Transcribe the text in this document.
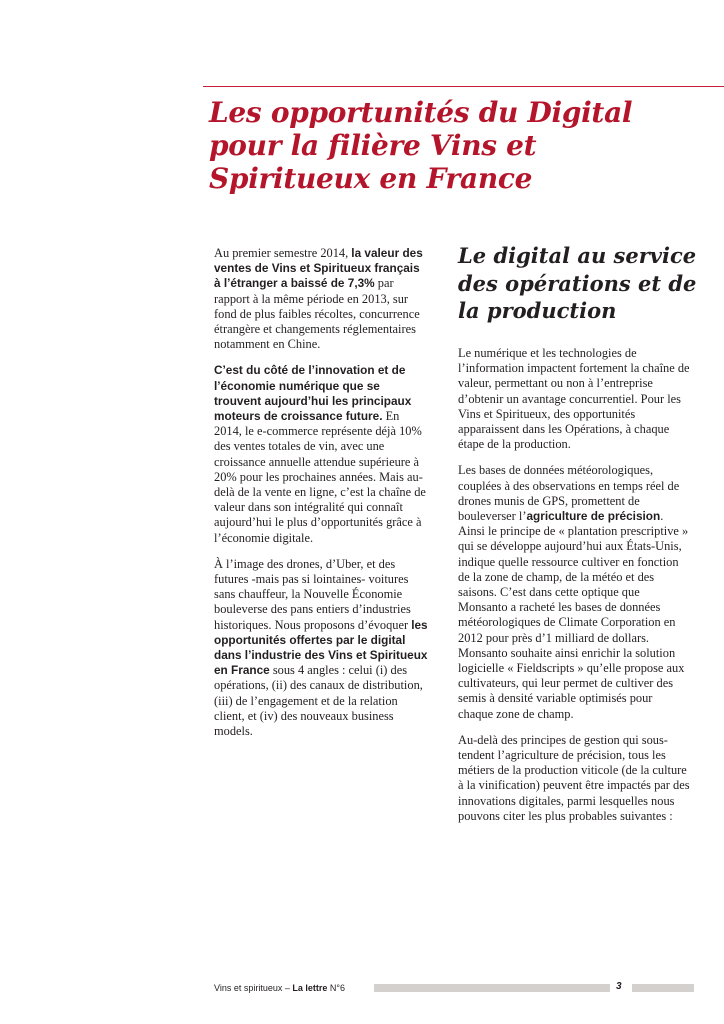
Les opportunités du Digital pour la filière Vins et Spiritueux en France

Au premier semestre 2014, la valeur des ventes de Vins et Spiritueux français à l’étranger a baissé de 7,3% par rapport à la même période en 2013, sur fond de plus faibles récoltes, concurrence étrangère et changements réglementaires notamment en Chine.

C’est du côté de l’innovation et de l’économie numérique que se trouvent aujourd’hui les principaux moteurs de croissance future. En 2014, le e-commerce représente déjà 10% des ventes totales de vin, avec une croissance annuelle attendue supérieure à 20% pour les prochaines années. Mais au-delà de la vente en ligne, c’est la chaîne de valeur dans son intégralité qui connaît aujourd’hui le plus d’opportunités grâce à l’économie digitale.

À l’image des drones, d’Uber, et des futures -mais pas si lointaines- voitures sans chauffeur, la Nouvelle Économie bouleverse des pans entiers d’industries historiques. Nous proposons d’évoquer les opportunités offertes par le digital dans l’industrie des Vins et Spiritueux en France sous 4 angles : celui (i) des opérations, (ii) des canaux de distribution, (iii) de l’engagement et de la relation client, et (iv) des nouveaux business models.

Le digital au service des opérations et de la production

Le numérique et les technologies de l’information impactent fortement la chaîne de valeur, permettant ou non à l’entreprise d’obtenir un avantage concurrentiel. Pour les Vins et Spiritueux, des opportunités apparaissent dans les Opérations, à chaque étape de la production.

Les bases de données météorologiques, couplées à des observations en temps réel de drones munis de GPS, promettent de bouleverser l’agriculture de précision. Ainsi le principe de « plantation prescriptive » qui se développe aujourd’hui aux États-Unis, indique quelle ressource cultiver en fonction de la zone de champ, de la météo et des saisons. C’est dans cette optique que Monsanto a racheté les bases de données météorologiques de Climate Corporation en 2012 pour près d’1 milliard de dollars. Monsanto souhaite ainsi enrichir la solution logicielle « Fieldscripts » qu’elle propose aux cultivateurs, qui leur permet de cultiver des semis à densité variable optimisés pour chaque zone de champ.

Au-delà des principes de gestion qui sous-tendent l’agriculture de précision, tous les métiers de la production viticole (de la culture à la vinification) peuvent être impactés par des innovations digitales, parmi lesquelles nous pouvons citer les plus probables suivantes :

Vins et spiritueux – La lettre N°6	3
